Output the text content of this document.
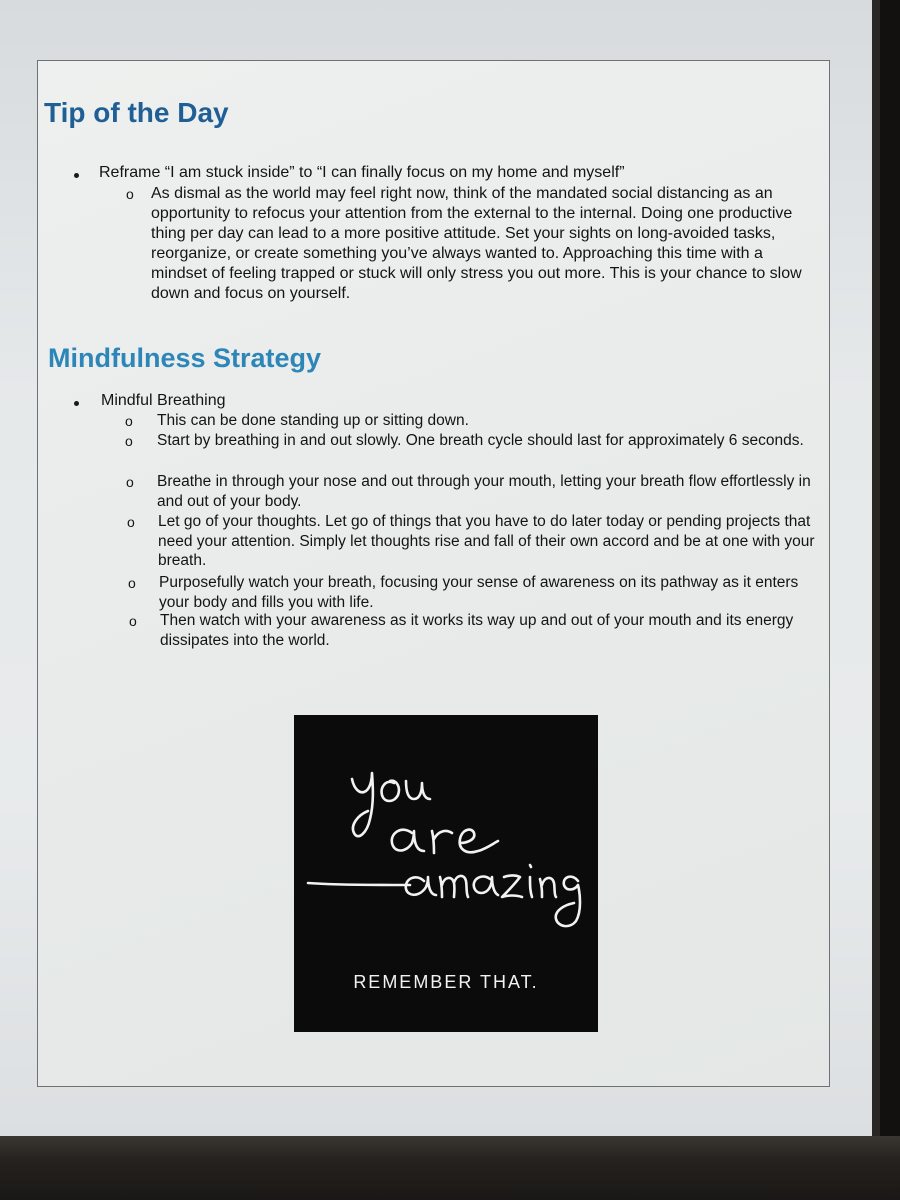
Tip of the Day
Reframe “I am stuck inside” to “I can finally focus on my home and myself”
o As dismal as the world may feel right now, think of the mandated social distancing as an opportunity to refocus your attention from the external to the internal. Doing one productive thing per day can lead to a more positive attitude. Set your sights on long-avoided tasks, reorganize, or create something you’ve always wanted to. Approaching this time with a mindset of feeling trapped or stuck will only stress you out more. This is your chance to slow down and focus on yourself.
Mindfulness Strategy
Mindful Breathing
o This can be done standing up or sitting down.
o Start by breathing in and out slowly. One breath cycle should last for approximately 6 seconds.
o Breathe in through your nose and out through your mouth, letting your breath flow effortlessly in and out of your body.
o Let go of your thoughts. Let go of things that you have to do later today or pending projects that need your attention. Simply let thoughts rise and fall of their own accord and be at one with your breath.
o Purposefully watch your breath, focusing your sense of awareness on its pathway as it enters your body and fills you with life.
o Then watch with your awareness as it works its way up and out of your mouth and its energy dissipates into the world.
REMEMBER THAT.
